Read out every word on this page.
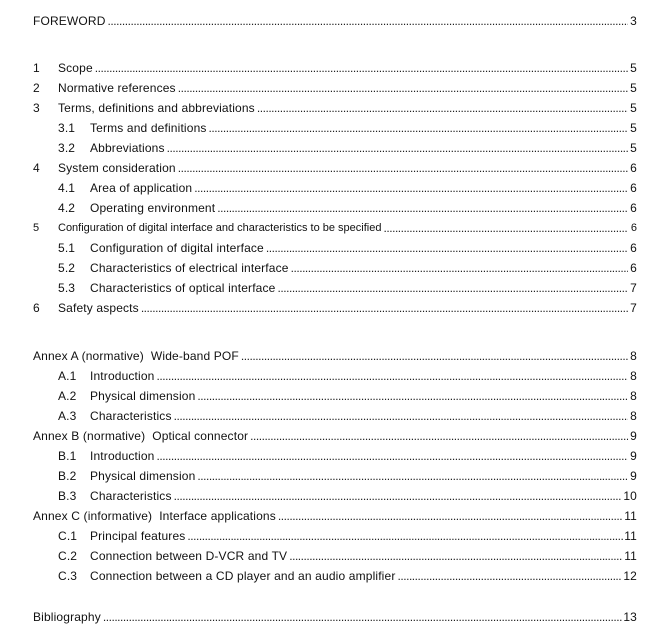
FOREWORD . . .	3
1	Scope . . .	5
2	Normative references . . .	5
3	Terms, definitions and abbreviations . . .	5
3.1	Terms and definitions . . .	5
3.2	Abbreviations . . .	5
4	System consideration . . .	6
4.1	Area of application . . .	6
4.2	Operating environment . . .	6
5	Configuration of digital interface and characteristics to be specified . . .	6
5.1	Configuration of digital interface . . .	6
5.2	Characteristics of electrical interface . . .	6
5.3	Characteristics of optical interface . . .	7
6	Safety aspects . . .	7
Annex A (normative) Wide-band POF . . .	8
A.1	Introduction . . .	8
A.2	Physical dimension . . .	8
A.3	Characteristics . . .	8
Annex B (normative) Optical connector . . .	9
B.1	Introduction . . .	9
B.2	Physical dimension . . .	9
B.3	Characteristics . . .	10
Annex C (informative) Interface applications . . .	11
C.1	Principal features . . .	11
C.2	Connection between D-VCR and TV . . .	11
C.3	Connection between a CD player and an audio amplifier . . .	12
Bibliography . . .	13
